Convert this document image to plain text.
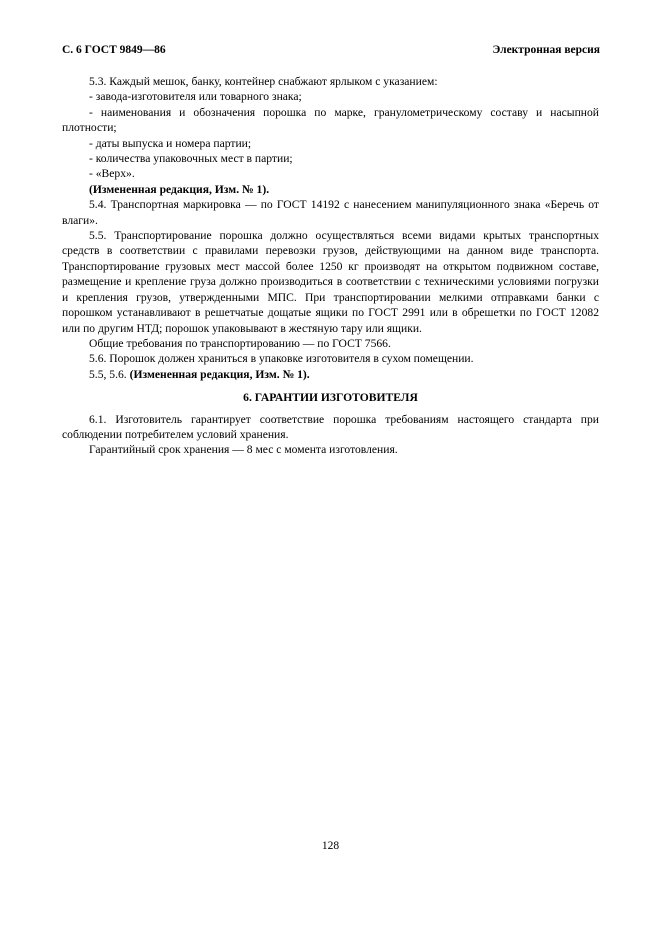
С. 6 ГОСТ 9849—86	Электронная версия

5.3. Каждый мешок, банку, контейнер снабжают ярлыком с указанием:

- завода-изготовителя или товарного знака;

- наименования и обозначения порошка по марке, гранулометрическому составу и насыпной плотности;

- даты выпуска и номера партии;

- количества упаковочных мест в партии;

- «Верх».

(Измененная редакция, Изм. № 1).

5.4. Транспортная маркировка — по ГОСТ 14192 с нанесением манипуляционного знака «Беречь от влаги».

5.5. Транспортирование порошка должно осуществляться всеми видами крытых транспортных средств в соответствии с правилами перевозки грузов, действующими на данном виде транспорта. Транспортирование грузовых мест массой более 1250 кг производят на открытом подвижном составе, размещение и крепление груза должно производиться в соответствии с техническими условиями погрузки и крепления грузов, утвержденными МПС. При транспортировании мелкими отправками банки с порошком устанавливают в решетчатые дощатые ящики по ГОСТ 2991 или в обрешетки по ГОСТ 12082 или по другим НТД; порошок упаковывают в жестяную тару или ящики.

Общие требования по транспортированию — по ГОСТ 7566.

5.6. Порошок должен храниться в упаковке изготовителя в сухом помещении.

5.5, 5.6. (Измененная редакция, Изм. № 1).

6. ГАРАНТИИ ИЗГОТОВИТЕЛЯ

6.1. Изготовитель гарантирует соответствие порошка требованиям настоящего стандарта при соблюдении потребителем условий хранения.

Гарантийный срок хранения — 8 мес с момента изготовления.

128
